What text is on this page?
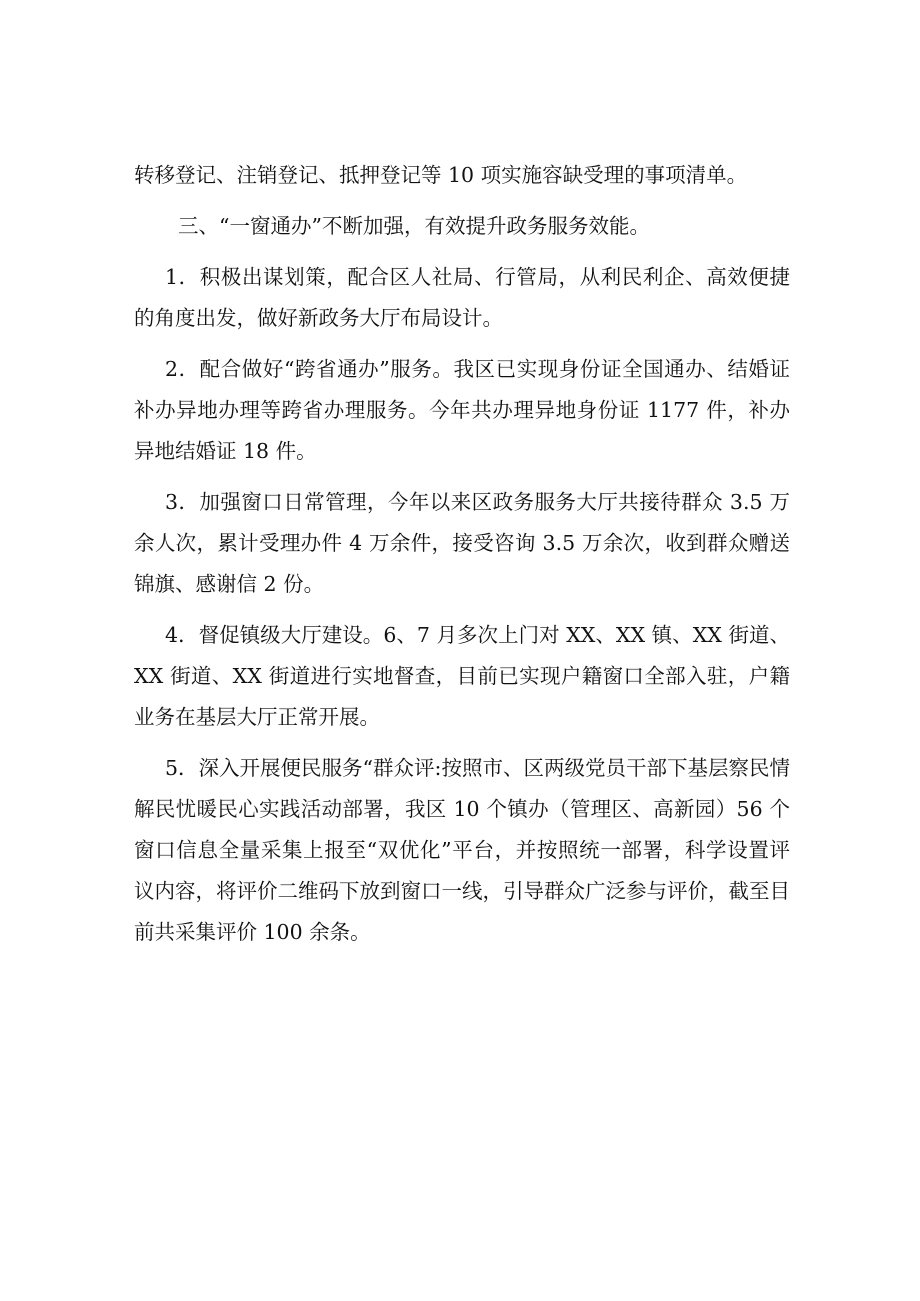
转移登记、注销登记、抵押登记等 10 项实施容缺受理的事项清单。

三、“一窗通办”不断加强，有效提升政务服务效能。

1．积极出谋划策，配合区人社局、行管局，从利民利企、高效便捷的角度出发，做好新政务大厅布局设计。

2．配合做好“跨省通办”服务。我区已实现身份证全国通办、结婚证补办异地办理等跨省办理服务。今年共办理异地身份证 1177 件，补办异地结婚证 18 件。

3．加强窗口日常管理，今年以来区政务服务大厅共接待群众 3.5 万余人次，累计受理办件 4 万余件，接受咨询 3.5 万余次，收到群众赠送锦旗、感谢信 2 份。

4．督促镇级大厅建设。6、7 月多次上门对 XX、XX 镇、XX 街道、XX 街道、XX 街道进行实地督查，目前已实现户籍窗口全部入驻，户籍业务在基层大厅正常开展。

5．深入开展便民服务“群众评:按照市、区两级党员干部下基层察民情解民忧暖民心实践活动部署，我区 10 个镇办（管理区、高新园）56 个窗口信息全量采集上报至“双优化”平台，并按照统一部署，科学设置评议内容，将评价二维码下放到窗口一线，引导群众广泛参与评价，截至目前共采集评价 100 余条。
